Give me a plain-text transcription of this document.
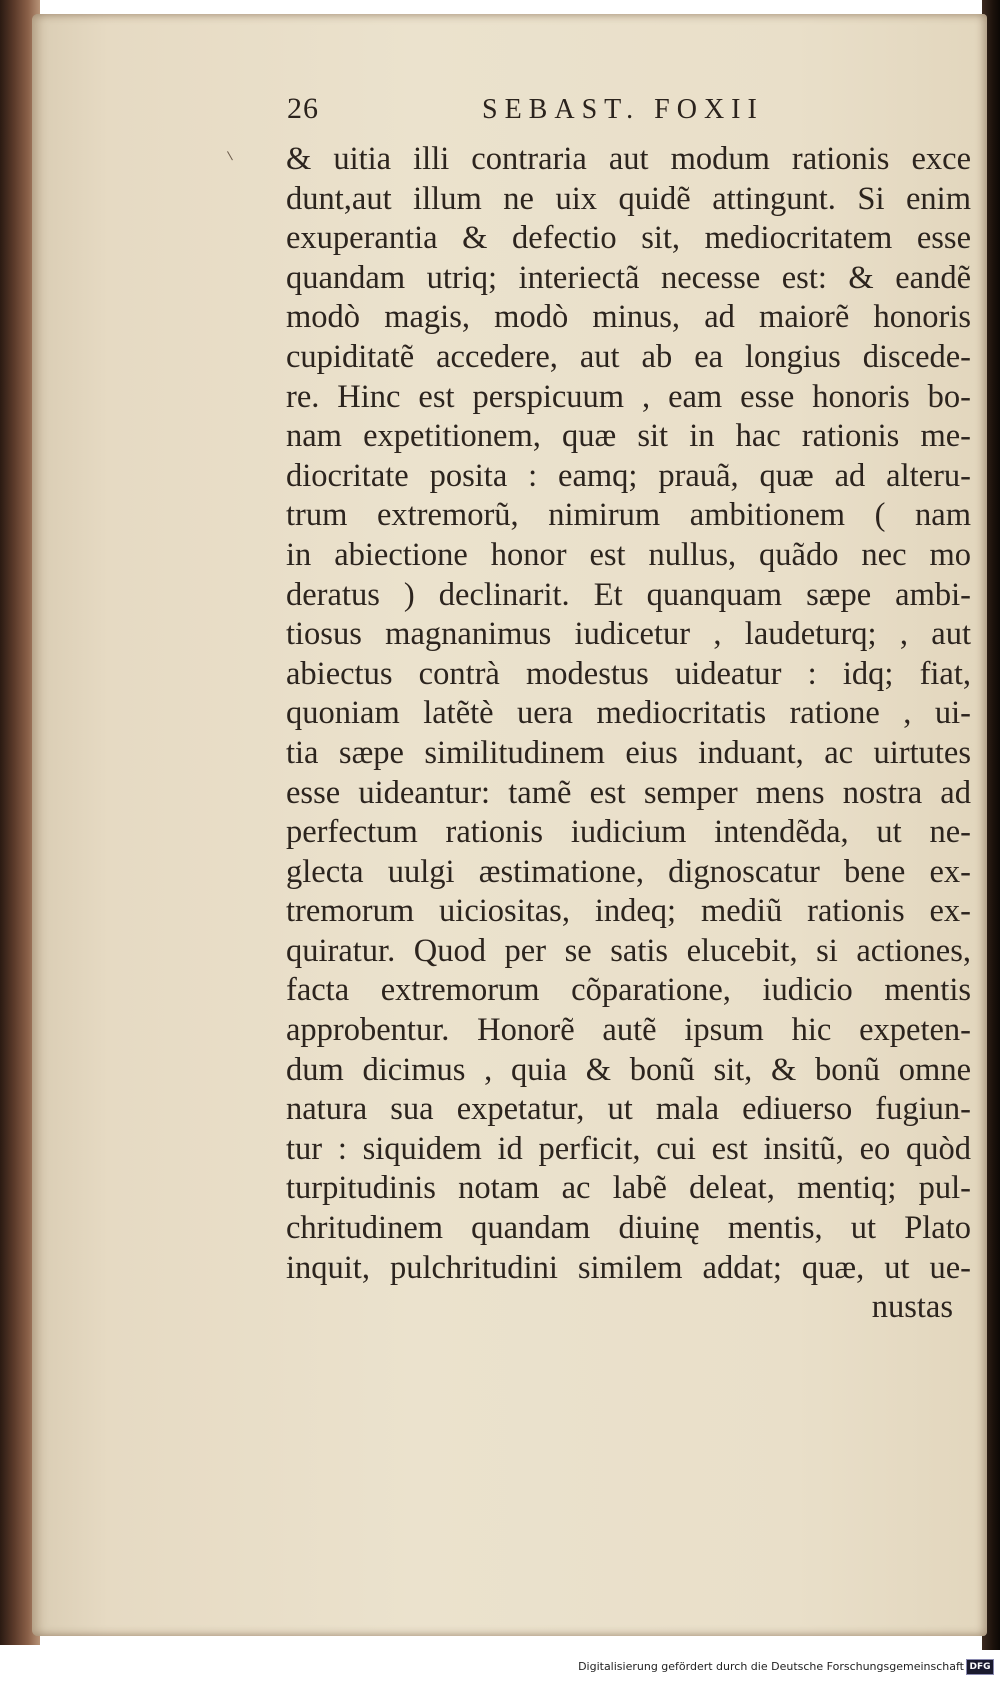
26	SEBAST. FOXII
& uitia illi contraria aut modum rationis exce
dunt,aut illum ne uix quidẽ attingunt. Si enim
exuperantia & defectio sit, mediocritatem esse
quandam utriq; interiectã necesse est: & eandẽ
modò magis, modò minus, ad maiorẽ honoris
cupiditatẽ accedere, aut ab ea longius discede-
re. Hinc est perspicuum , eam esse honoris bo-
nam expetitionem, quæ sit in hac rationis me-
diocritate posita : eamq; prauã, quæ ad alteru-
trum extremorũ, nimirum ambitionem ( nam
in abiectione honor est nullus, quãdo nec mo
deratus ) declinarit. Et quanquam sæpe ambi-
tiosus magnanimus iudicetur , laudeturq; , aut
abiectus contrà modestus uideatur : idq; fiat,
quoniam latẽtè uera mediocritatis ratione , ui-
tia sæpe similitudinem eius induant, ac uirtutes
esse uideantur: tamẽ est semper mens nostra ad
perfectum rationis iudicium intendẽda, ut ne-
glecta uulgi æstimatione, dignoscatur bene ex-
tremorum uiciositas, indeq; mediũ rationis ex-
quiratur. Quod per se satis elucebit, si actiones,
facta extremorum cõparatione, iudicio mentis
approbentur. Honorẽ autẽ ipsum hic expeten-
dum dicimus , quia & bonũ sit, & bonũ omne
natura sua expetatur, ut mala ediuerso fugiun-
tur : siquidem id perficit, cui est insitũ, eo quòd
turpitudinis notam ac labẽ deleat, mentiq; pul-
chritudinem quandam diuinę mentis, ut Plato
inquit, pulchritudini similem addat; quæ, ut ue-
nustas
Digitalisierung gefördert durch die Deutsche Forschungsgemeinschaft DFG
